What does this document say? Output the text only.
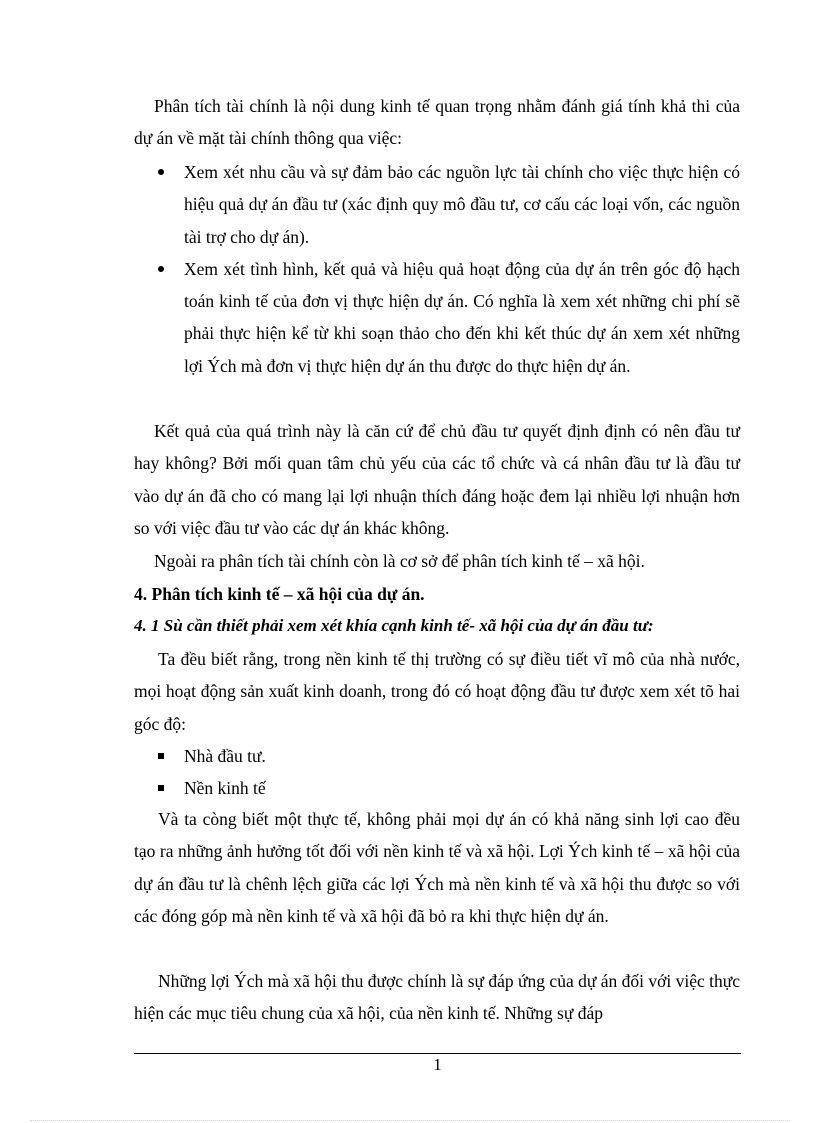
Phân tích tài chính là nội dung kinh tế quan trọng nhằm đánh giá tính khả thi của dự án về mặt tài chính thông qua việc:
Xem xét nhu cầu và sự đảm bảo các nguồn lực tài chính cho việc thực hiện có hiệu quả dự án đầu tư (xác định quy mô đầu tư, cơ cấu các loại vốn, các nguồn tài trợ cho dự án).
Xem xét tình hình, kết quả và hiệu quả hoạt động của dự án trên góc độ hạch toán kinh tế của đơn vị thực hiện dự án. Có nghĩa là xem xét những chi phí sẽ phải thực hiện kể từ khi soạn thảo cho đến khi kết thúc dự án xem xét những lợi Ých mà đơn vị thực hiện dự án thu được do thực hiện dự án.
Kết quả của quá trình này là căn cứ để chủ đầu tư quyết định định có nên đầu tư hay không? Bởi mối quan tâm chủ yếu của các tổ chức và cá nhân đầu tư là đầu tư vào dự án đã cho có mang lại lợi nhuận thích đáng hoặc đem lại nhiều lợi nhuận hơn so với việc đầu tư vào các dự án khác không.
Ngoài ra phân tích tài chính còn là cơ sở để phân tích kinh tế – xã hội.
4. Phân tích kinh tế – xã hội của dự án.
4. 1 Sù cần thiết phải xem xét khía cạnh kinh tế- xã hội của dự án đầu tư:
Ta đều biết rằng, trong nền kinh tế thị trường có sự điều tiết vĩ mô của nhà nước, mọi hoạt động sản xuất kinh doanh, trong đó có hoạt động đầu tư được xem xét tõ hai góc độ:
Nhà đầu tư.
Nền kinh tế
Và ta còng biết một thực tế, không phải mọi dự án có khả năng sinh lợi cao đều tạo ra những ảnh hưởng tốt đối với nền kinh tế và xã hội. Lợi Ých kinh tế – xã hội của dự án đầu tư là chênh lệch giữa các lợi Ých mà nền kinh tế và xã hội thu được so với các đóng góp mà nền kinh tế và xã hội đã bỏ ra khi thực hiện dự án.
Những lợi Ých mà xã hội thu được chính là sự đáp ứng của dự án đối với việc thực hiện các mục tiêu chung của xã hội, của nền kinh tế. Những sự đáp
1
